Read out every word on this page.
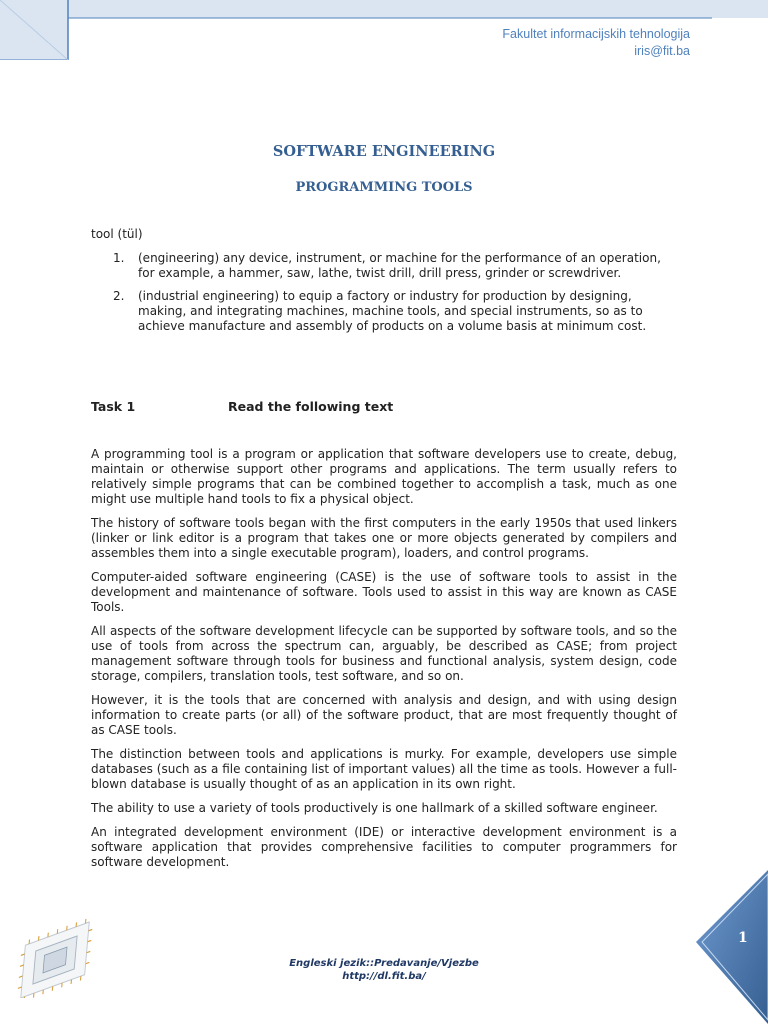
Fakultet informacijskih tehnologija
iris@fit.ba
SOFTWARE ENGINEERING
PROGRAMMING TOOLS
tool (tül)
1. (engineering) any device, instrument, or machine for the performance of an operation, for example, a hammer, saw, lathe, twist drill, drill press, grinder or screwdriver.
2. (industrial engineering) to equip a factory or industry for production by designing, making, and integrating machines, machine tools, and special instruments, so as to achieve manufacture and assembly of products on a volume basis at minimum cost.
Task 1	Read the following text

A programming tool is a program or application that software developers use to create, debug, maintain or otherwise support other programs and applications. The term usually refers to relatively simple programs that can be combined together to accomplish a task, much as one might use multiple hand tools to fix a physical object.

The history of software tools began with the first computers in the early 1950s that used linkers (linker or link editor is a program that takes one or more objects generated by compilers and assembles them into a single executable program), loaders, and control programs.

Computer-aided software engineering (CASE) is the use of software tools to assist in the development and maintenance of software. Tools used to assist in this way are known as CASE Tools.

All aspects of the software development lifecycle can be supported by software tools, and so the use of tools from across the spectrum can, arguably, be described as CASE; from project management software through tools for business and functional analysis, system design, code storage, compilers, translation tools, test software, and so on.

However, it is the tools that are concerned with analysis and design, and with using design information to create parts (or all) of the software product, that are most frequently thought of as CASE tools.

The distinction between tools and applications is murky. For example, developers use simple databases (such as a file containing list of important values) all the time as tools. However a full-blown database is usually thought of as an application in its own right.

The ability to use a variety of tools productively is one hallmark of a skilled software engineer.

An integrated development environment (IDE) or interactive development environment is a software application that provides comprehensive facilities to computer programmers for software development.

Engleski jezik::Predavanje/Vjezbe
http://dl.fit.ba/
1
